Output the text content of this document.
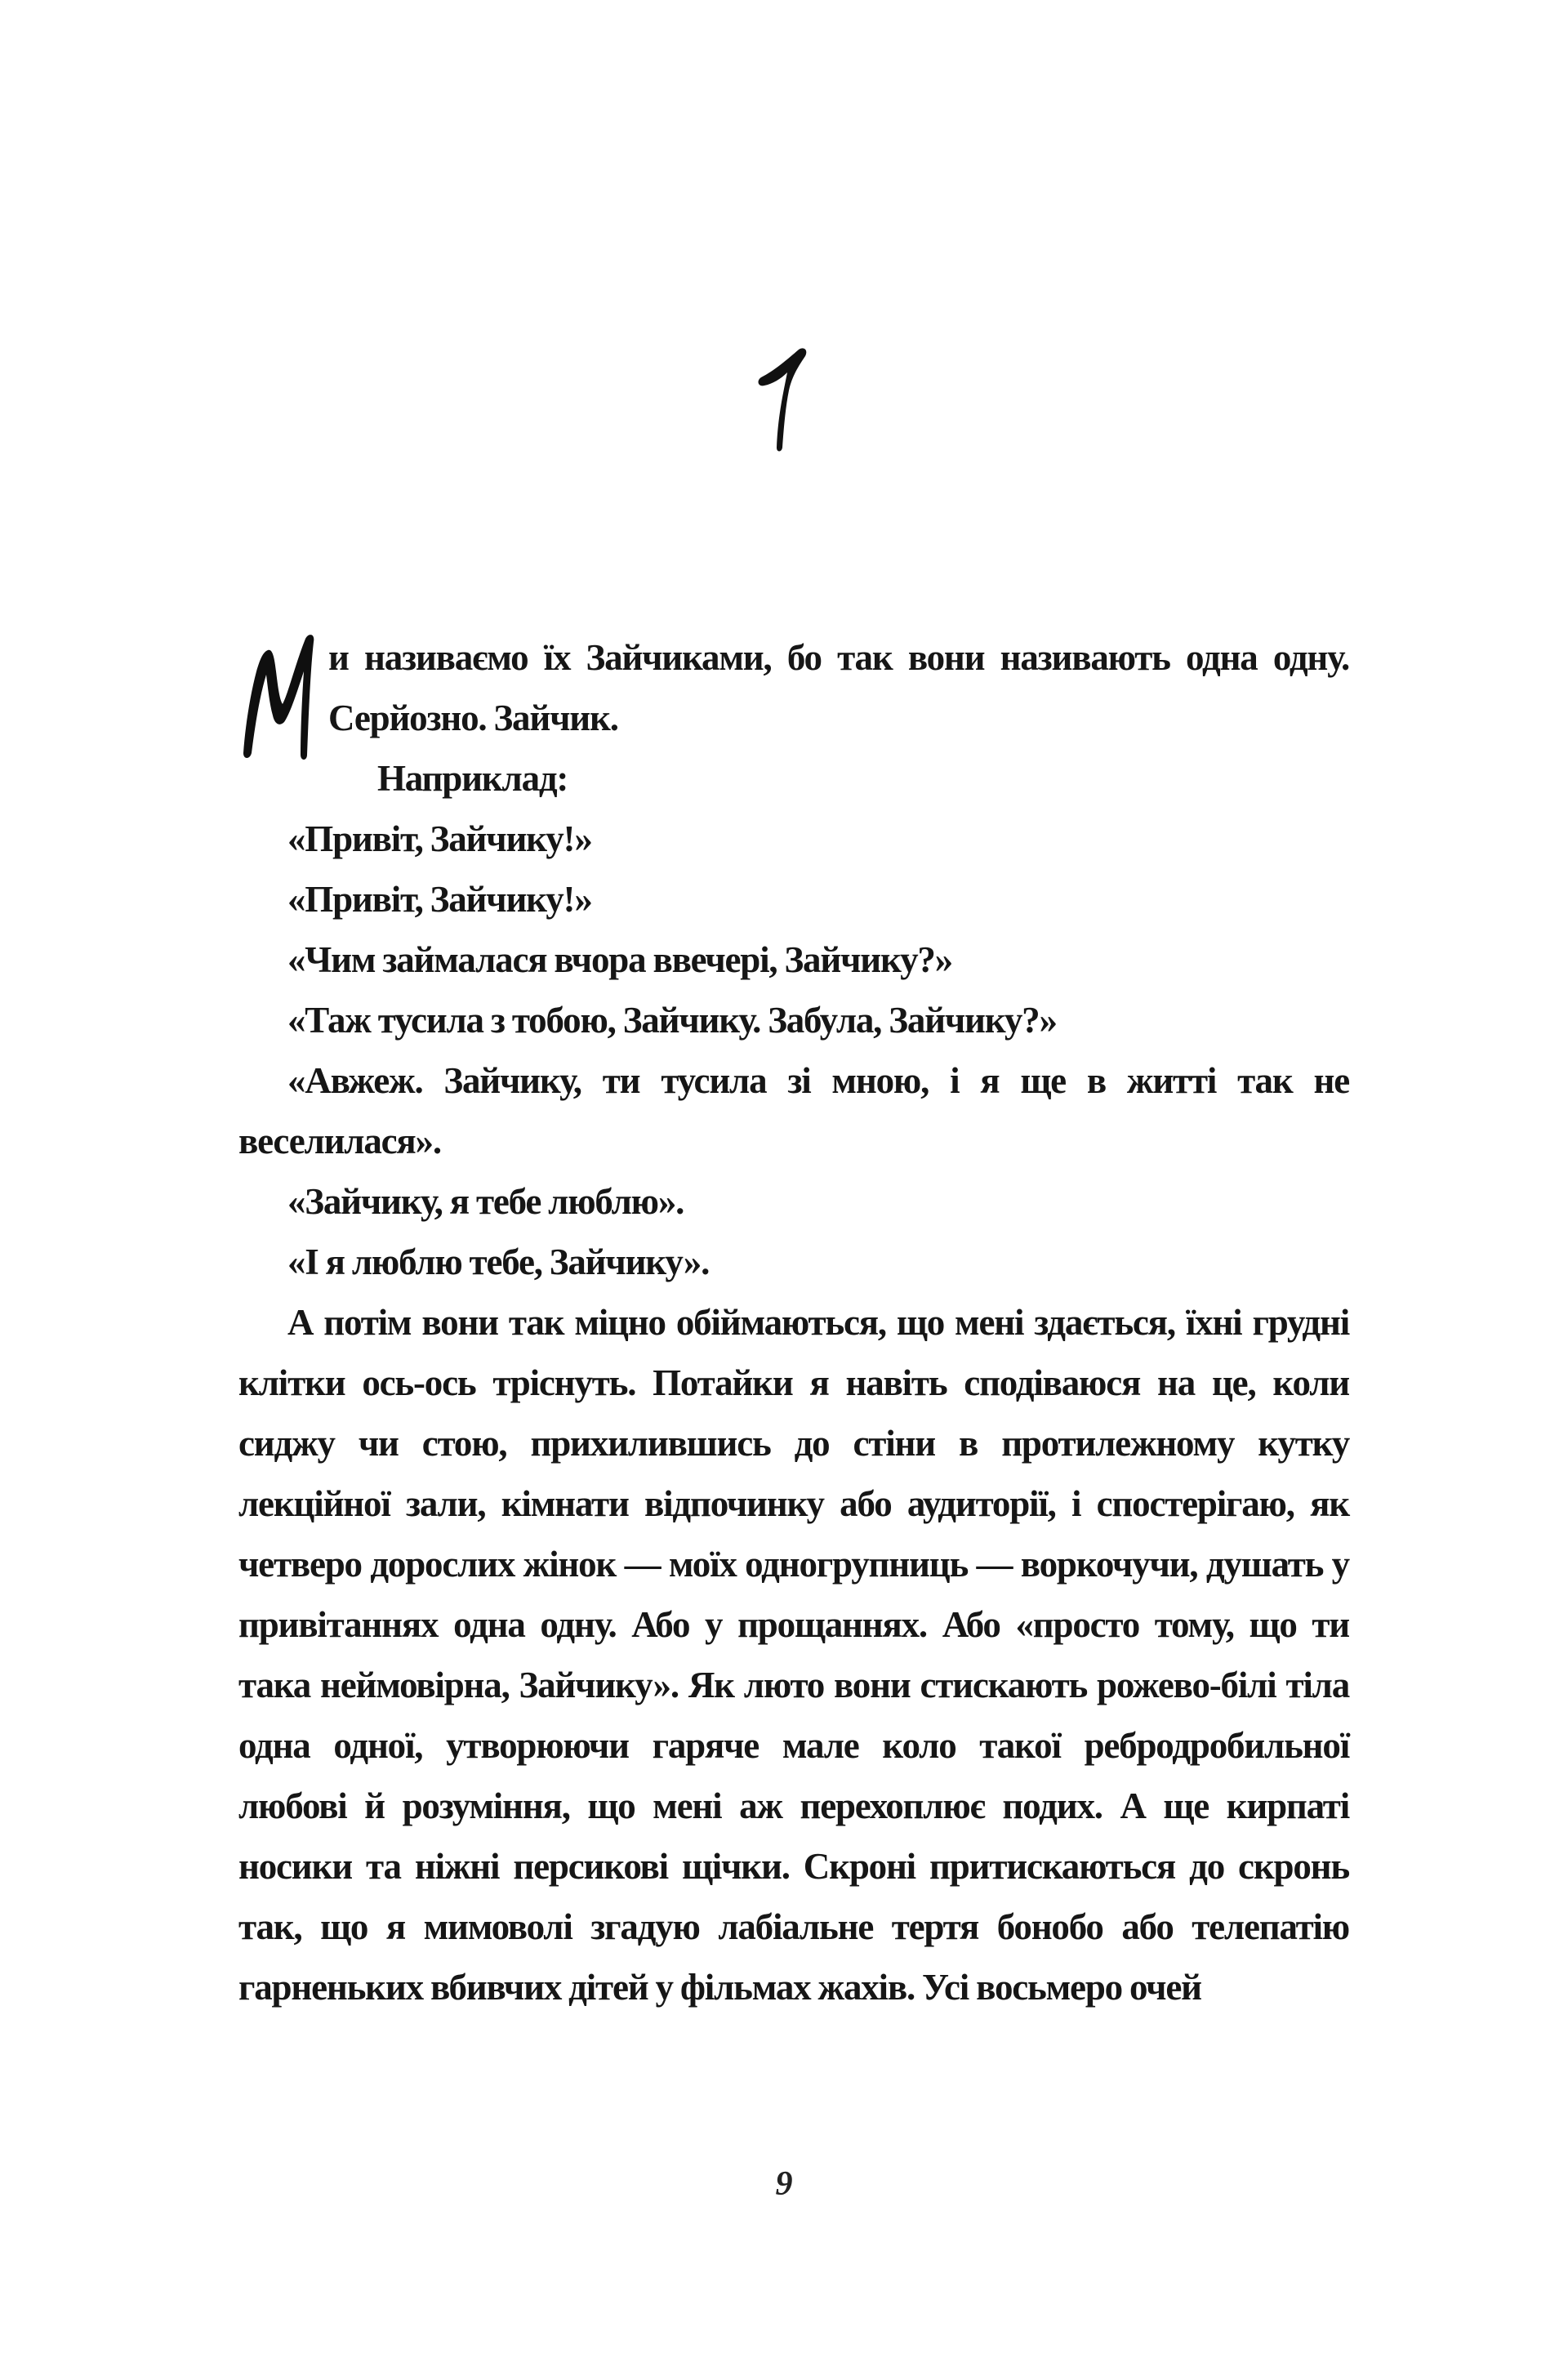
и називаємо їх Зайчиками, бо так вони називають одна одну. Серйозно. Зайчик.

Наприклад:

«Привіт, Зайчику!»

«Привіт, Зайчику!»

«Чим займалася вчора ввечері, Зайчику?»

«Таж тусила з тобою, Зайчику. Забула, Зайчику?»

«Авжеж. Зайчику, ти тусила зі мною, і я ще в житті так не веселилася».

«Зайчику, я тебе люблю».

«І я люблю тебе, Зайчику».

А потім вони так міцно обіймаються, що мені здається, їхні грудні клітки ось-ось тріснуть. Потайки я навіть сподіваюся на це, коли сиджу чи стою, прихилившись до стіни в протилежному кутку лекційної зали, кімнати відпочинку або аудиторії, і спостерігаю, як четверо дорослих жінок — моїх одногрупниць — воркочучи, душать у привітаннях одна одну. Або у прощаннях. Або «просто тому, що ти така неймовірна, Зайчику». Як люто вони стискають рожево-білі тіла одна одної, утворюючи гаряче мале коло такої ребродробильної любові й розуміння, що мені аж перехоплює подих. А ще кирпаті носики та ніжні персикові щічки. Скроні притискаються до скронь так, що я мимоволі згадую лабіальне тертя бонобо або телепатію гарненьких вбивчих дітей у фільмах жахів. Усі восьмеро очей

9
